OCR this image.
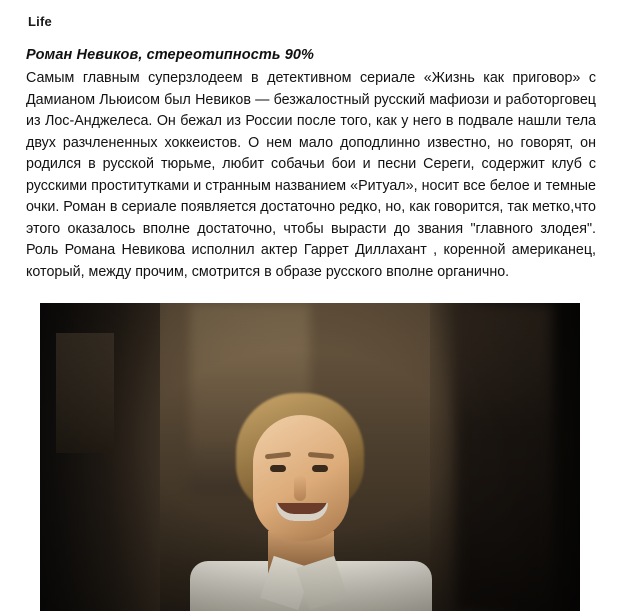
Life
Роман Невиков, стереотипность 90%

Самым главным суперзлодеем в детективном сериале «Жизнь как приговор» с Дамианом Льюисом был Невиков — безжалостный русский мафиози и работорговец из Лос-Анджелеса. Он бежал из России после того, как у него в подвале нашли тела двух разчлененных хоккеистов. О нем мало доподлинно известно, но говорят, он родился в русской тюрьме, любит собачьи бои и песни Сереги, содержит клуб с русскими проститутками и странным названием «Ритуал», носит все белое и темные очки. Роман в сериале появляется достаточно редко, но, как говорится, так метко,что этого оказалось вполне достаточно, чтобы вырасти до звания "главного злодея". Роль Романа Невикова исполнил актер Гаррет Диллахант , коренной американец, который, между прочим, смотрится в образе русского вполне органично.
